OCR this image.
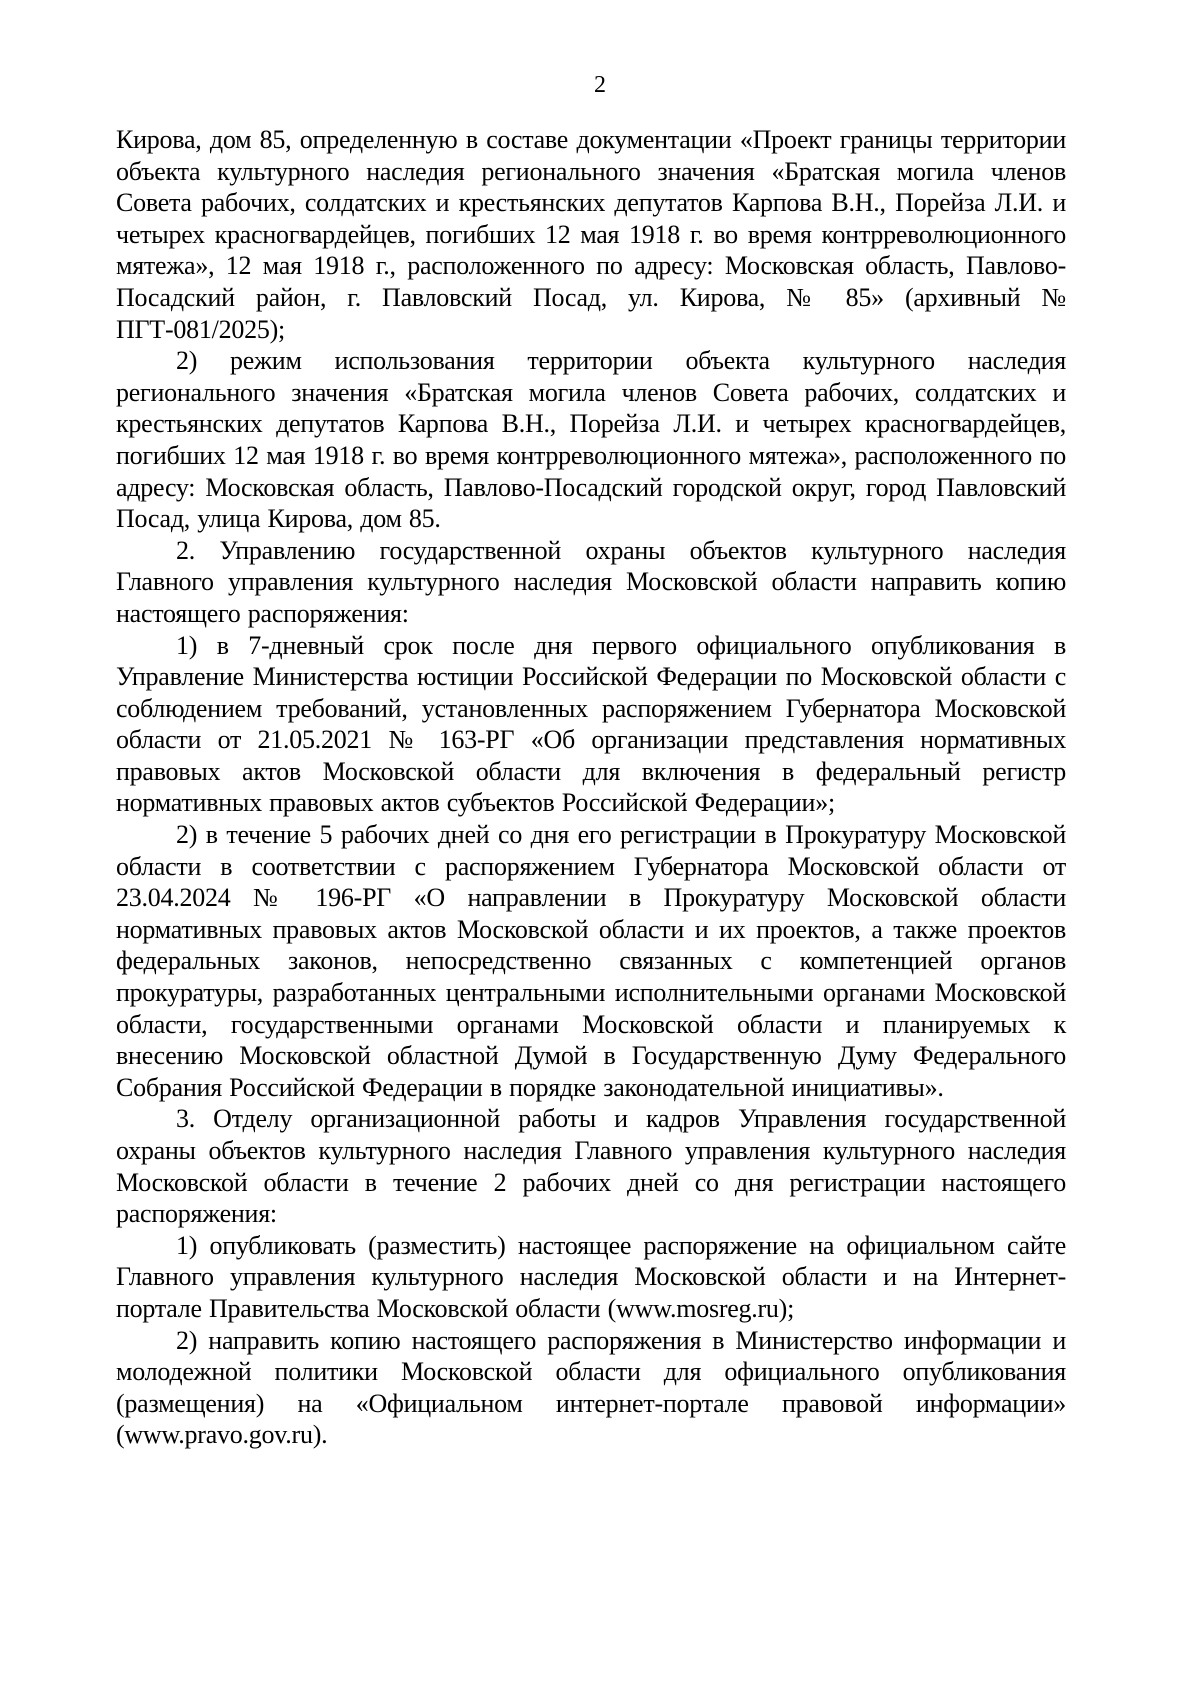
2

Кирова, дом 85, определенную в составе документации «Проект границы территории объекта культурного наследия регионального значения «Братская могила членов Совета рабочих, солдатских и крестьянских депутатов Карпова В.Н., Порейза Л.И. и четырех красногвардейцев, погибших 12 мая 1918 г. во время контрреволюционного мятежа», 12 мая 1918 г., расположенного по адресу: Московская область, Павлово-Посадский район, г. Павловский Посад, ул. Кирова, № 85» (архивный № ПГТ-081/2025);

2) режим использования территории объекта культурного наследия регионального значения «Братская могила членов Совета рабочих, солдатских и крестьянских депутатов Карпова В.Н., Порейза Л.И. и четырех красногвардейцев, погибших 12 мая 1918 г. во время контрреволюционного мятежа», расположенного по адресу: Московская область, Павлово-Посадский городской округ, город Павловский Посад, улица Кирова, дом 85.

2. Управлению государственной охраны объектов культурного наследия Главного управления культурного наследия Московской области направить копию настоящего распоряжения:

1) в 7-дневный срок после дня первого официального опубликования в Управление Министерства юстиции Российской Федерации по Московской области с соблюдением требований, установленных распоряжением Губернатора Московской области от 21.05.2021 № 163-РГ «Об организации представления нормативных правовых актов Московской области для включения в федеральный регистр нормативных правовых актов субъектов Российской Федерации»;

2) в течение 5 рабочих дней со дня его регистрации в Прокуратуру Московской области в соответствии с распоряжением Губернатора Московской области от 23.04.2024 № 196-РГ «О направлении в Прокуратуру Московской области нормативных правовых актов Московской области и их проектов, а также проектов федеральных законов, непосредственно связанных с компетенцией органов прокуратуры, разработанных центральными исполнительными органами Московской области, государственными органами Московской области и планируемых к внесению Московской областной Думой в Государственную Думу Федерального Собрания Российской Федерации в порядке законодательной инициативы».

3. Отделу организационной работы и кадров Управления государственной охраны объектов культурного наследия Главного управления культурного наследия Московской области в течение 2 рабочих дней со дня регистрации настоящего распоряжения:

1) опубликовать (разместить) настоящее распоряжение на официальном сайте Главного управления культурного наследия Московской области и на Интернет-портале Правительства Московской области (www.mosreg.ru);

2) направить копию настоящего распоряжения в Министерство информации и молодежной политики Московской области для официального опубликования (размещения) на «Официальном интернет-портале правовой информации» (www.pravo.gov.ru).
